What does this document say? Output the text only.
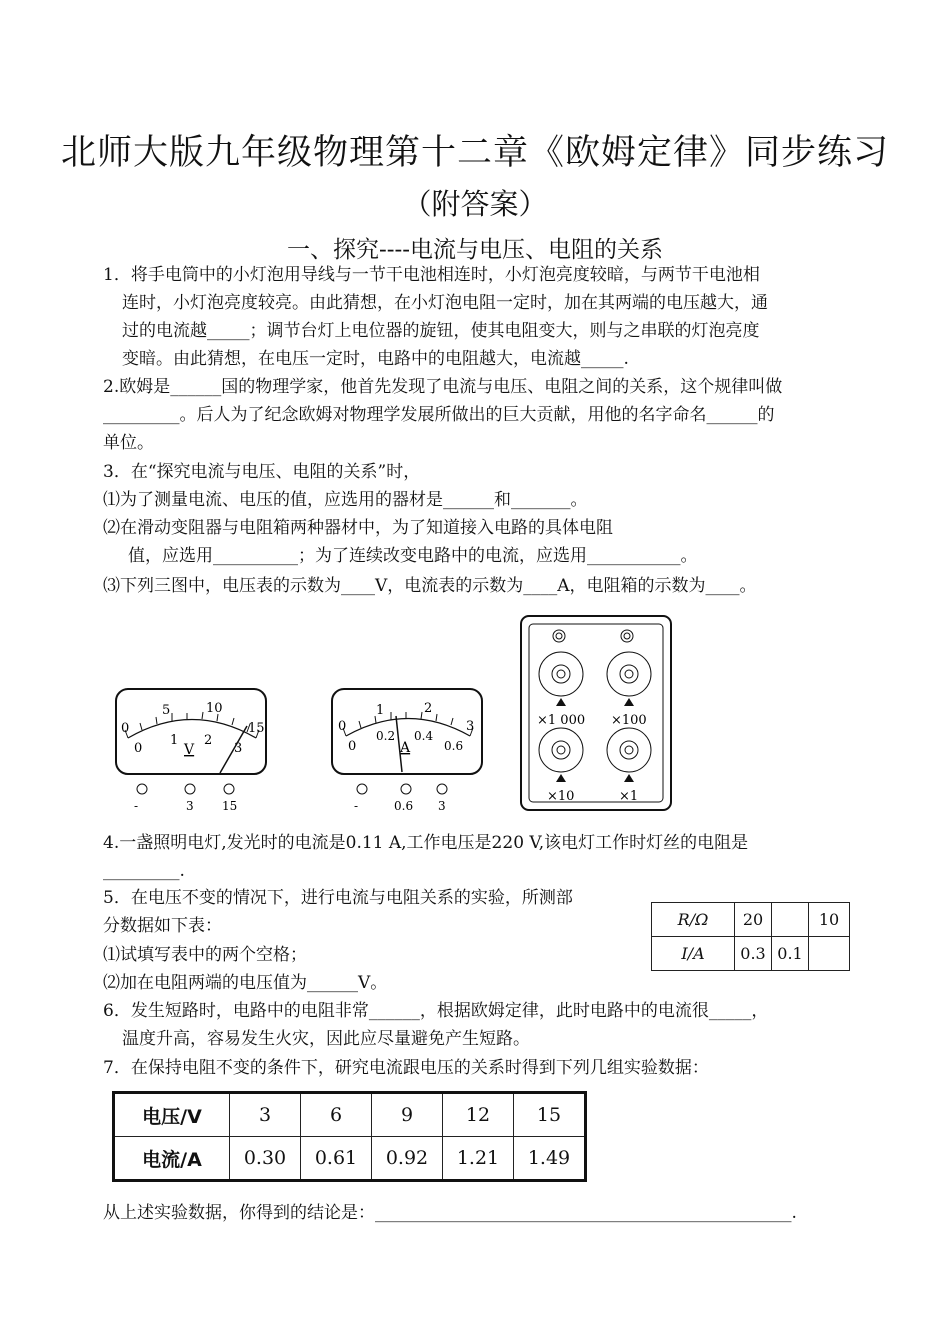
北师大版九年级物理第十二章《欧姆定律》同步练习
（附答案）
一、探究----电流与电压、电阻的关系
1．将手电筒中的小灯泡用导线与一节干电池相连时，小灯泡亮度较暗，与两节干电池相
连时，小灯泡亮度较亮。由此猜想，在小灯泡电阻一定时，加在其两端的电压越大，通
过的电流越_____；调节台灯上电位器的旋钮，使其电阻变大，则与之串联的灯泡亮度
变暗。由此猜想，在电压一定时，电路中的电阻越大，电流越_____.
2.欧姆是______国的物理学家，他首先发现了电流与电压、电阻之间的关系，这个规律叫做
_________。后人为了纪念欧姆对物理学发展所做出的巨大贡献，用他的名字命名______的
单位。
3．在“探究电流与电压、电阻的关系”时，
⑴为了测量电流、电压的值，应选用的器材是______和_______。
⑵在滑动变阻器与电阻箱两种器材中，为了知道接入电路的具体电阻
值，应选用__________；为了连续改变电路中的电流，应选用___________。
⑶下列三图中，电压表的示数为____V，电流表的示数为____A，电阻箱的示数为____。
0
5	10
15
0
1 2
3
V
-	3 15
0
1	2
3
0
0.2 0.4
0.6
A
-	0.6 3
×1 000 ×100
×10	×1
4.一盏照明电灯,发光时的电流是0.11 A,工作电压是220 V,该电灯工作时灯丝的电阻是
_________.
5．在电压不变的情况下，进行电流与电阻关系的实验，所测部
分数据如下表：
⑴试填写表中的两个空格；
⑵加在电阻两端的电压值为______V。
R/Ω	20		10
I/A	0.3	0.1	
6．发生短路时，电路中的电阻非常______，根据欧姆定律，此时电路中的电流很_____，
温度升高，容易发生火灾，因此应尽量避免产生短路。
7．在保持电阻不变的条件下，研究电流跟电压的关系时得到下列几组实验数据：
电压/V	3	6	9	12	15
电流/A	0.30	0.61	0.92	1.21	1.49
从上述实验数据，你得到的结论是：_________________________________________________.
